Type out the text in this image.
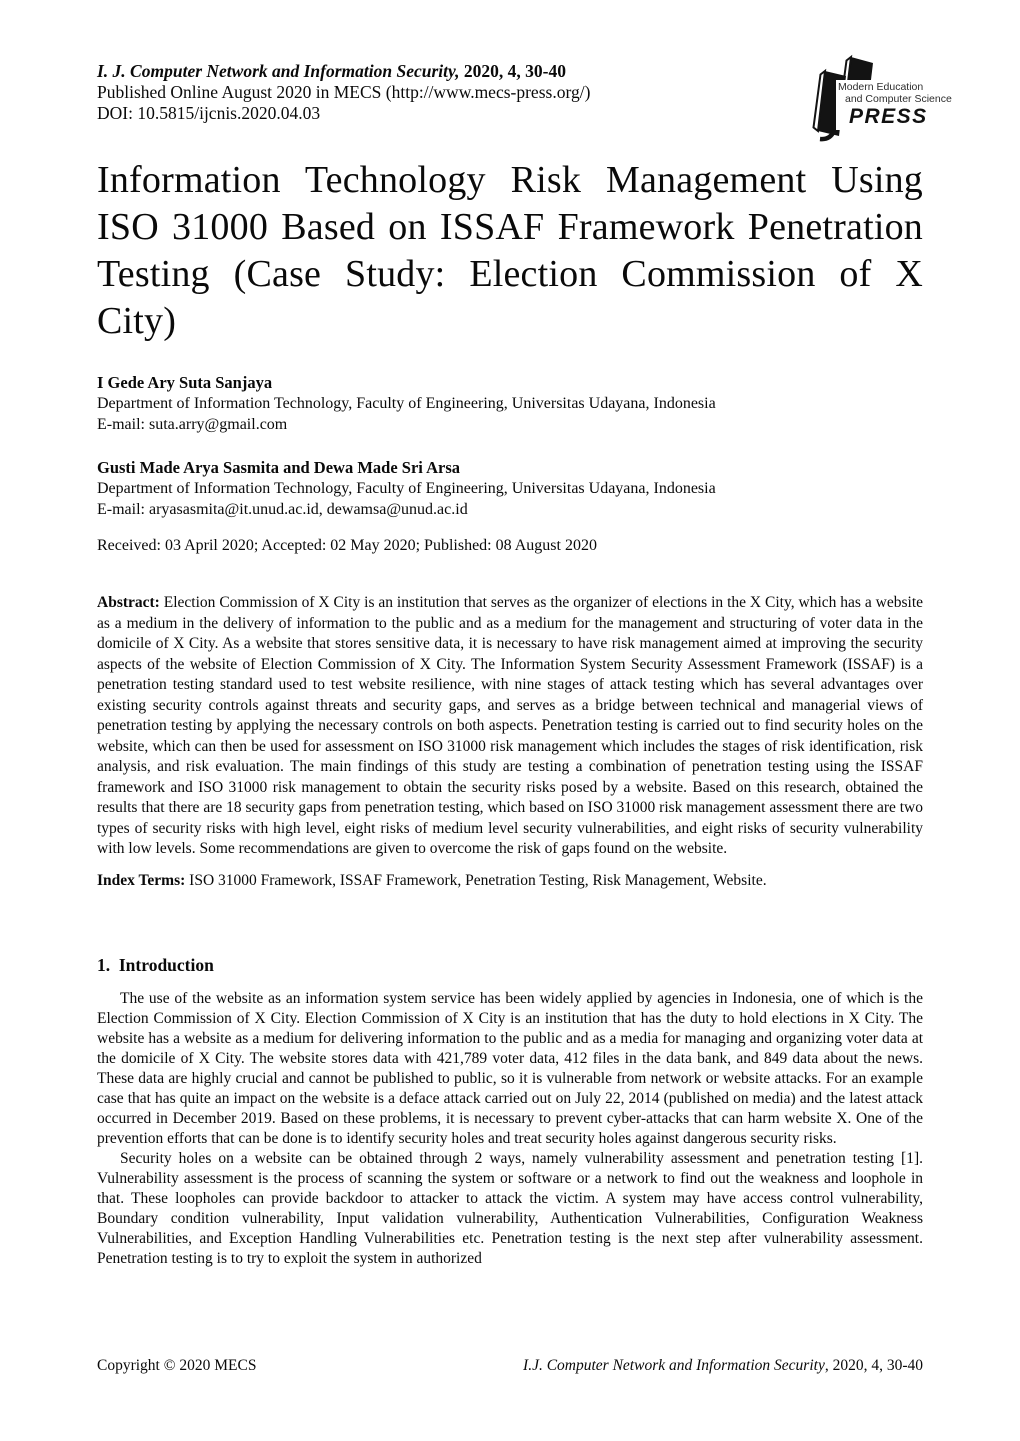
Modern Education
and Computer Science
PRESS
I. J. Computer Network and Information Security, 2020, 4, 30-40
Published Online August 2020 in MECS (http://www.mecs-press.org/)
DOI: 10.5815/ijcnis.2020.04.03
Information Technology Risk Management Using ISO 31000 Based on ISSAF Framework Penetration Testing (Case Study: Election Commission of X City)
I Gede Ary Suta Sanjaya
Department of Information Technology, Faculty of Engineering, Universitas Udayana, Indonesia
E-mail: suta.arry@gmail.com
Gusti Made Arya Sasmita and Dewa Made Sri Arsa
Department of Information Technology, Faculty of Engineering, Universitas Udayana, Indonesia
E-mail: aryasasmita@it.unud.ac.id, dewamsa@unud.ac.id
Received: 03 April 2020; Accepted: 02 May 2020; Published: 08 August 2020

Abstract: Election Commission of X City is an institution that serves as the organizer of elections in the X City, which has a website as a medium in the delivery of information to the public and as a medium for the management and structuring of voter data in the domicile of X City. As a website that stores sensitive data, it is necessary to have risk management aimed at improving the security aspects of the website of Election Commission of X City. The Information System Security Assessment Framework (ISSAF) is a penetration testing standard used to test website resilience, with nine stages of attack testing which has several advantages over existing security controls against threats and security gaps, and serves as a bridge between technical and managerial views of penetration testing by applying the necessary controls on both aspects. Penetration testing is carried out to find security holes on the website, which can then be used for assessment on ISO 31000 risk management which includes the stages of risk identification, risk analysis, and risk evaluation. The main findings of this study are testing a combination of penetration testing using the ISSAF framework and ISO 31000 risk management to obtain the security risks posed by a website. Based on this research, obtained the results that there are 18 security gaps from penetration testing, which based on ISO 31000 risk management assessment there are two types of security risks with high level, eight risks of medium level security vulnerabilities, and eight risks of security vulnerability with low levels. Some recommendations are given to overcome the risk of gaps found on the website.

Index Terms: ISO 31000 Framework, ISSAF Framework, Penetration Testing, Risk Management, Website.

1.  Introduction

The use of the website as an information system service has been widely applied by agencies in Indonesia, one of which is the Election Commission of X City. Election Commission of X City is an institution that has the duty to hold elections in X City. The website has a website as a medium for delivering information to the public and as a media for managing and organizing voter data at the domicile of X City. The website stores data with 421,789 voter data, 412 files in the data bank, and 849 data about the news. These data are highly crucial and cannot be published to public, so it is vulnerable from network or website attacks. For an example case that has quite an impact on the website is a deface attack carried out on July 22, 2014 (published on media) and the latest attack occurred in December 2019. Based on these problems, it is necessary to prevent cyber-attacks that can harm website X. One of the prevention efforts that can be done is to identify security holes and treat security holes against dangerous security risks.

Security holes on a website can be obtained through 2 ways, namely vulnerability assessment and penetration testing [1]. Vulnerability assessment is the process of scanning the system or software or a network to find out the weakness and loophole in that. These loopholes can provide backdoor to attacker to attack the victim. A system may have access control vulnerability, Boundary condition vulnerability, Input validation vulnerability, Authentication Vulnerabilities, Configuration Weakness Vulnerabilities, and Exception Handling Vulnerabilities etc. Penetration testing is the next step after vulnerability assessment. Penetration testing is to try to exploit the system in authorized

Copyright © 2020 MECS	I.J. Computer Network and Information Security, 2020, 4, 30-40
